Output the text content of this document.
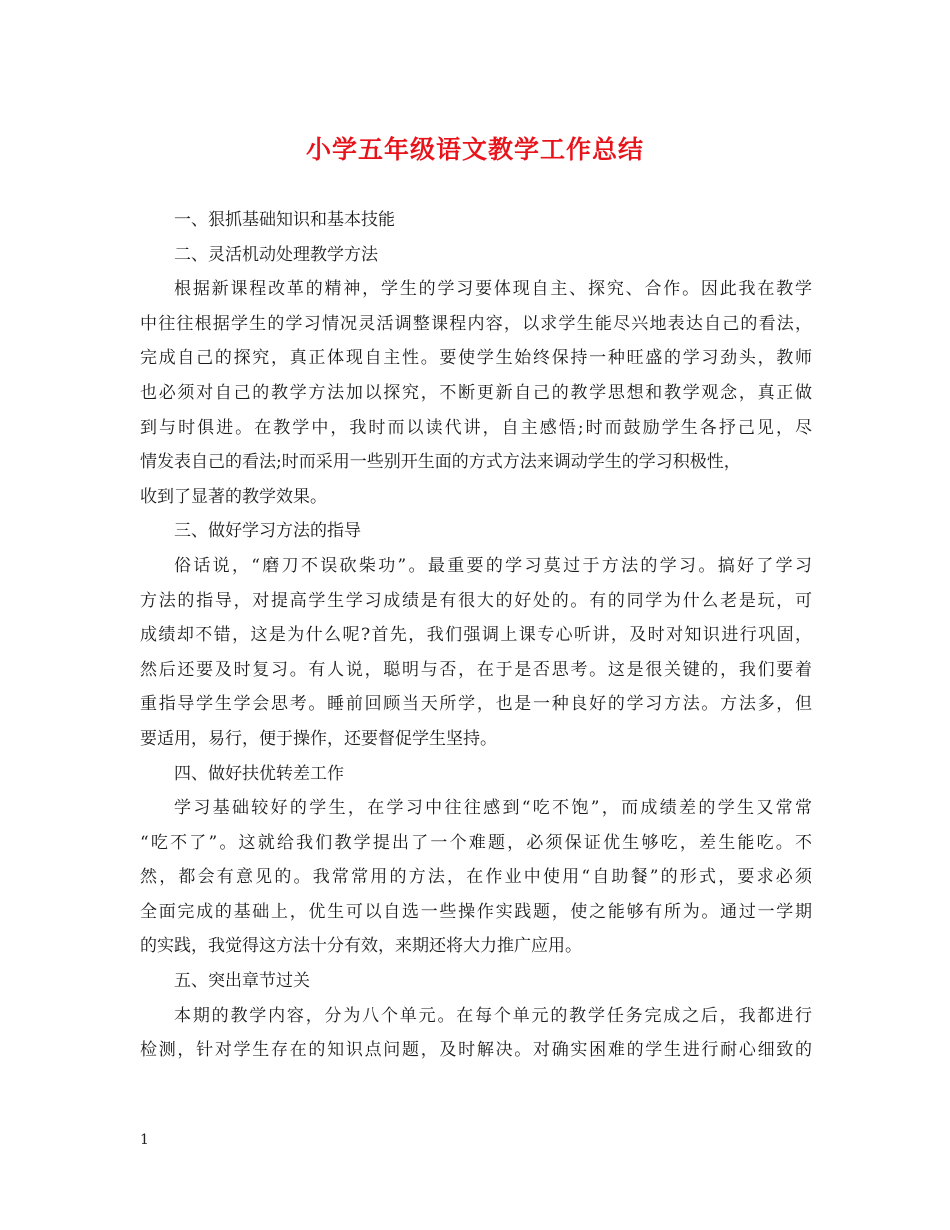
小学五年级语文教学工作总结
一、狠抓基础知识和基本技能
二、灵活机动处理教学方法
根据新课程改革的精神，学生的学习要体现自主、探究、合作。因此我在教学
中往往根据学生的学习情况灵活调整课程内容，以求学生能尽兴地表达自己的看法，
完成自己的探究，真正体现自主性。要使学生始终保持一种旺盛的学习劲头，教师
也必须对自己的教学方法加以探究，不断更新自己的教学思想和教学观念，真正做
到与时俱进。在教学中，我时而以读代讲，自主感悟;时而鼓励学生各抒己见，尽
情发表自己的看法;时而采用一些别开生面的方式方法来调动学生的学习积极性，
收到了显著的教学效果。
三、做好学习方法的指导
俗话说，“磨刀不误砍柴功”。最重要的学习莫过于方法的学习。搞好了学习
方法的指导，对提高学生学习成绩是有很大的好处的。有的同学为什么老是玩，可
成绩却不错，这是为什么呢?首先，我们强调上课专心听讲，及时对知识进行巩固，
然后还要及时复习。有人说，聪明与否，在于是否思考。这是很关键的，我们要着
重指导学生学会思考。睡前回顾当天所学，也是一种良好的学习方法。方法多，但
要适用，易行，便于操作，还要督促学生坚持。
四、做好扶优转差工作
学习基础较好的学生，在学习中往往感到“吃不饱”，而成绩差的学生又常常
“吃不了”。这就给我们教学提出了一个难题，必须保证优生够吃，差生能吃。不
然，都会有意见的。我常常用的方法，在作业中使用“自助餐”的形式，要求必须
全面完成的基础上，优生可以自选一些操作实践题，使之能够有所为。通过一学期
的实践，我觉得这方法十分有效，来期还将大力推广应用。
五、突出章节过关
本期的教学内容，分为八个单元。在每个单元的教学任务完成之后，我都进行
检测，针对学生存在的知识点问题，及时解决。对确实困难的学生进行耐心细致的
1
